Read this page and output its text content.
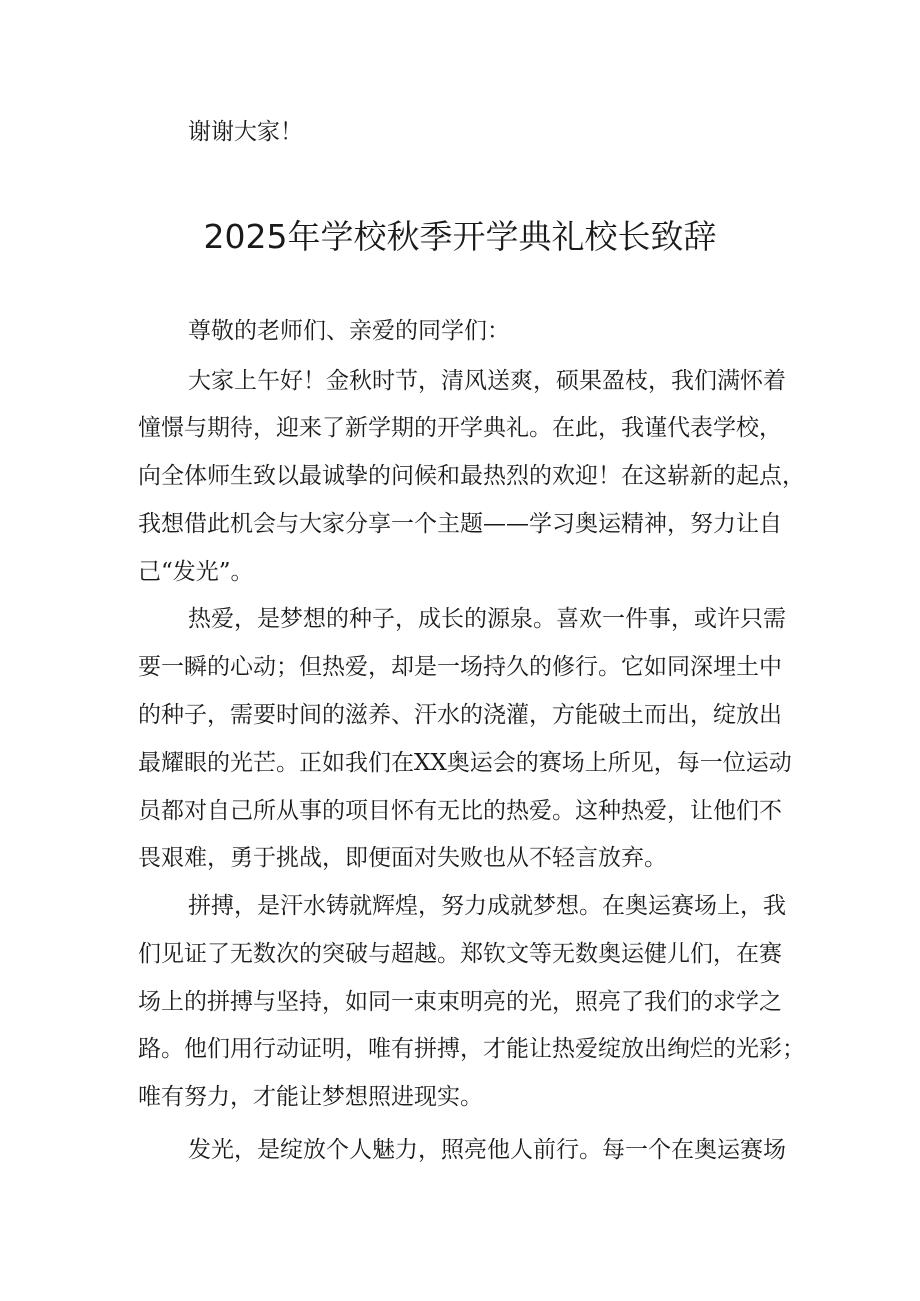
谢谢大家！
2025年学校秋季开学典礼校长致辞
尊敬的老师们、亲爱的同学们：
大家上午好！金秋时节，清风送爽，硕果盈枝，我们满怀着
憧憬与期待，迎来了新学期的开学典礼。在此，我谨代表学校，
向全体师生致以最诚挚的问候和最热烈的欢迎！在这崭新的起点，
我想借此机会与大家分享一个主题——学习奥运精神，努力让自
己“发光”。
热爱，是梦想的种子，成长的源泉。喜欢一件事，或许只需
要一瞬的心动；但热爱，却是一场持久的修行。它如同深埋土中
的种子，需要时间的滋养、汗水的浇灌，方能破土而出，绽放出
最耀眼的光芒。正如我们在XX奥运会的赛场上所见，每一位运动
员都对自己所从事的项目怀有无比的热爱。这种热爱，让他们不
畏艰难，勇于挑战，即便面对失败也从不轻言放弃。
拼搏，是汗水铸就辉煌，努力成就梦想。在奥运赛场上，我
们见证了无数次的突破与超越。郑钦文等无数奥运健儿们，在赛
场上的拼搏与坚持，如同一束束明亮的光，照亮了我们的求学之
路。他们用行动证明，唯有拼搏，才能让热爱绽放出绚烂的光彩；
唯有努力，才能让梦想照进现实。
发光，是绽放个人魅力，照亮他人前行。每一个在奥运赛场
